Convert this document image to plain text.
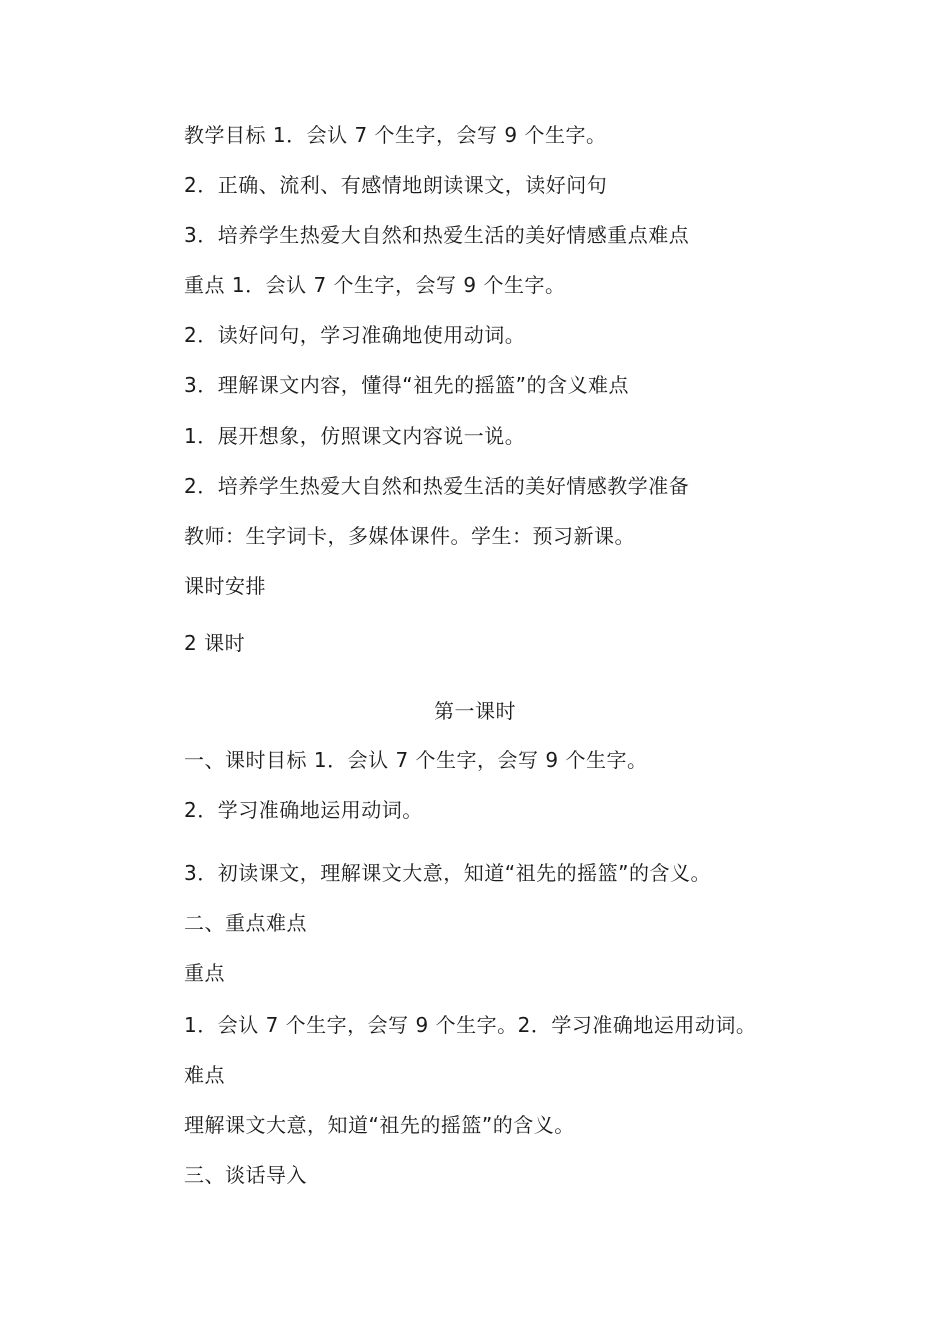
教学目标 1．会认 7 个生字，会写 9 个生字。
2．正确、流利、有感情地朗读课文，读好问句
3．培养学生热爱大自然和热爱生活的美好情感重点难点
重点 1．会认 7 个生字，会写 9 个生字。
2．读好问句，学习准确地使用动词。
3．理解课文内容，懂得“祖先的摇篮”的含义难点
1．展开想象，仿照课文内容说一说。
2．培养学生热爱大自然和热爱生活的美好情感教学准备
教师：生字词卡，多媒体课件。学生：预习新课。
课时安排
2 课时
第一课时
一、课时目标 1．会认 7 个生字，会写 9 个生字。
2．学习准确地运用动词。
3．初读课文，理解课文大意，知道“祖先的摇篮”的含义。
二、重点难点
重点
1．会认 7 个生字，会写 9 个生字。2．学习准确地运用动词。
难点
理解课文大意，知道“祖先的摇篮”的含义。
三、谈话导入
